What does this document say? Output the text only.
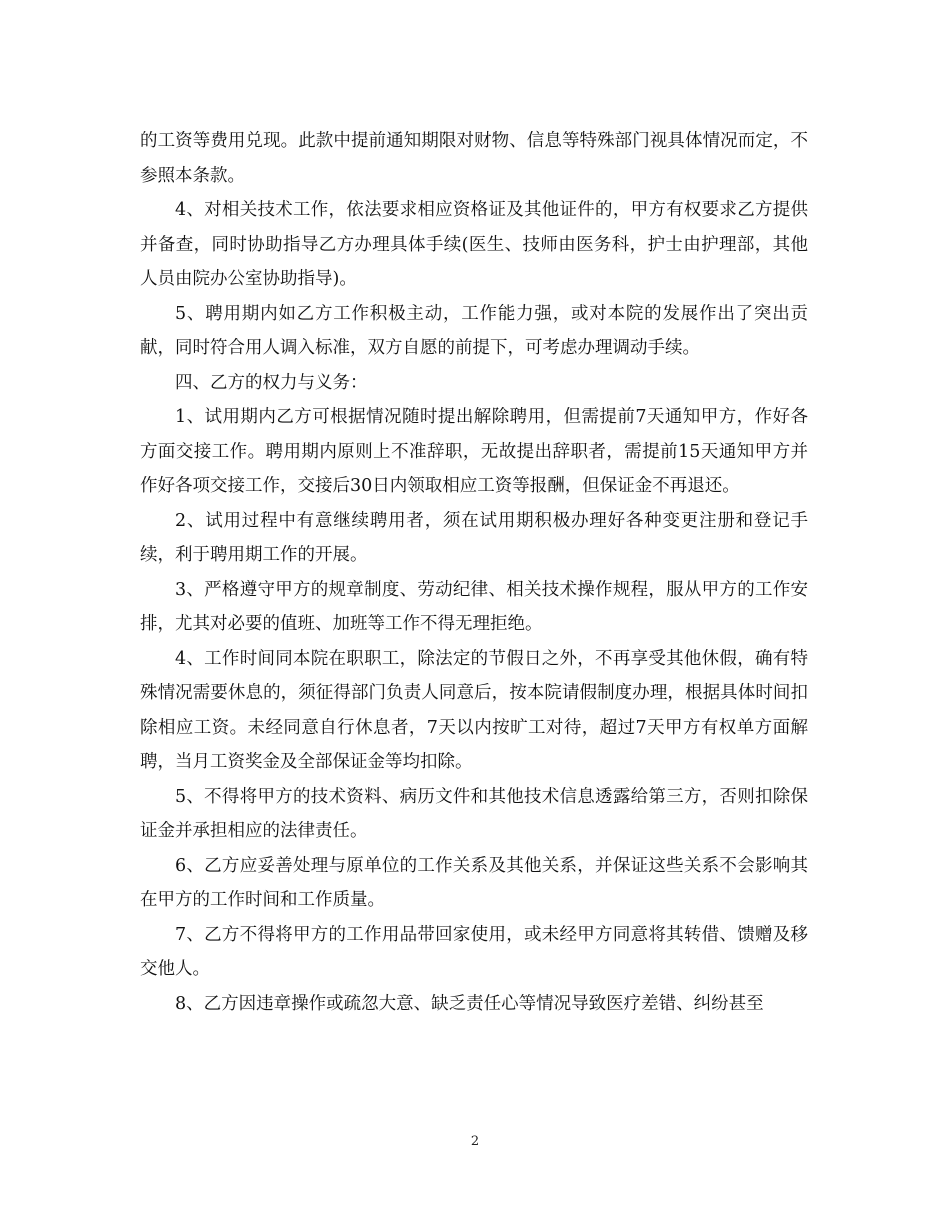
的工资等费用兑现。此款中提前通知期限对财物、信息等特殊部门视具体情况而定，不参照本条款。

4、对相关技术工作，依法要求相应资格证及其他证件的，甲方有权要求乙方提供并备查，同时协助指导乙方办理具体手续(医生、技师由医务科，护士由护理部，其他人员由院办公室协助指导)。

5、聘用期内如乙方工作积极主动，工作能力强，或对本院的发展作出了突出贡献，同时符合用人调入标准，双方自愿的前提下，可考虑办理调动手续。

四、乙方的权力与义务：

1、试用期内乙方可根据情况随时提出解除聘用，但需提前7天通知甲方，作好各方面交接工作。聘用期内原则上不准辞职，无故提出辞职者，需提前15天通知甲方并作好各项交接工作，交接后30日内领取相应工资等报酬，但保证金不再退还。

2、试用过程中有意继续聘用者，须在试用期积极办理好各种变更注册和登记手续，利于聘用期工作的开展。

3、严格遵守甲方的规章制度、劳动纪律、相关技术操作规程，服从甲方的工作安排，尤其对必要的值班、加班等工作不得无理拒绝。

4、工作时间同本院在职职工，除法定的节假日之外，不再享受其他休假，确有特殊情况需要休息的，须征得部门负责人同意后，按本院请假制度办理，根据具体时间扣除相应工资。未经同意自行休息者，7天以内按旷工对待，超过7天甲方有权单方面解聘，当月工资奖金及全部保证金等均扣除。

5、不得将甲方的技术资料、病历文件和其他技术信息透露给第三方，否则扣除保证金并承担相应的法律责任。

6、乙方应妥善处理与原单位的工作关系及其他关系，并保证这些关系不会影响其在甲方的工作时间和工作质量。

7、乙方不得将甲方的工作用品带回家使用，或未经甲方同意将其转借、馈赠及移交他人。

8、乙方因违章操作或疏忽大意、缺乏责任心等情况导致医疗差错、纠纷甚至

2
